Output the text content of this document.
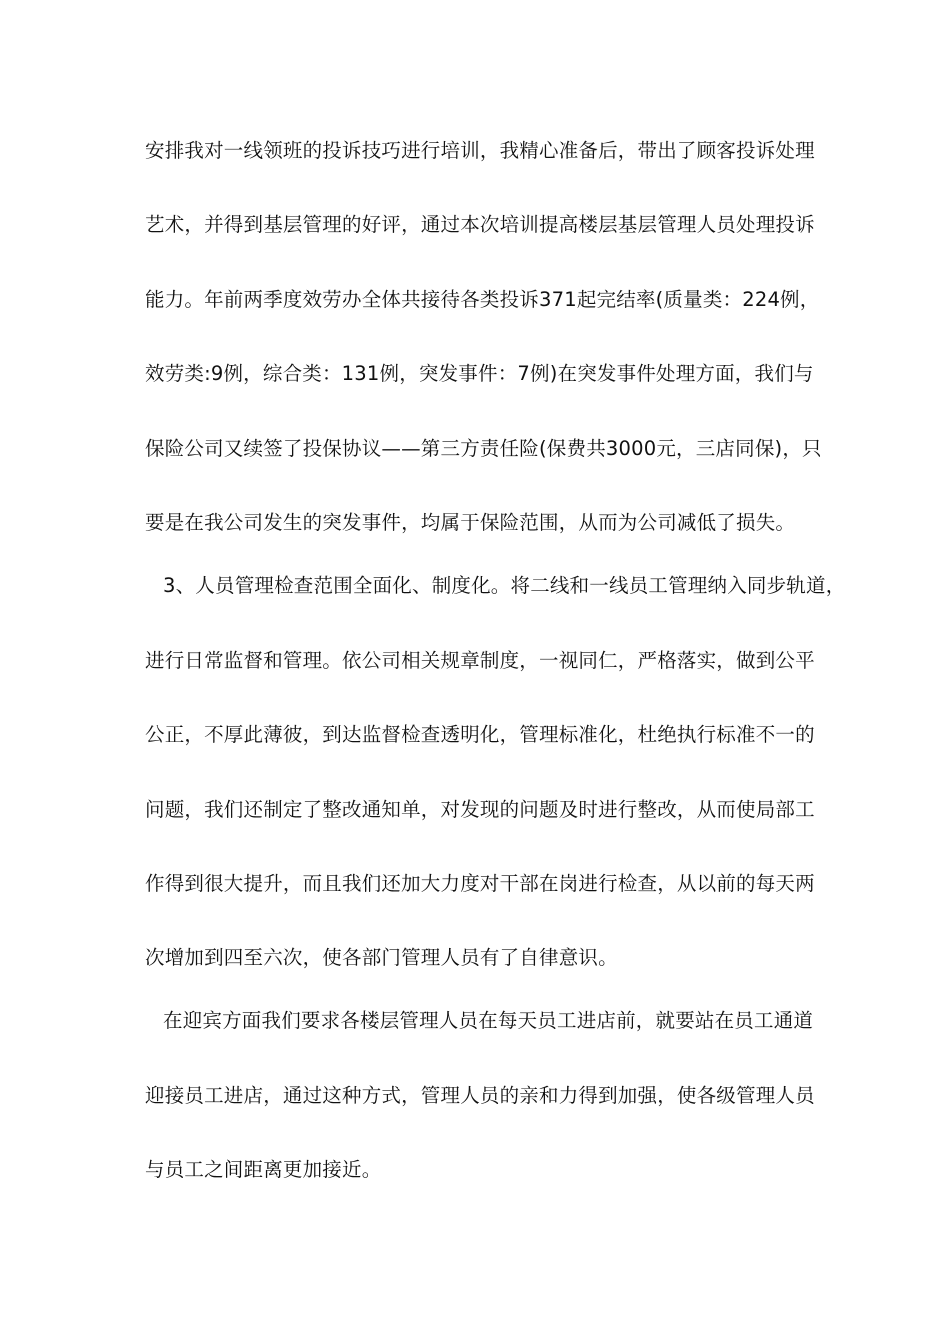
安排我对一线领班的投诉技巧进行培训，我精心准备后，带出了顾客投诉处理
艺术，并得到基层管理的好评，通过本次培训提高楼层基层管理人员处理投诉
能力。年前两季度效劳办全体共接待各类投诉371起完结率(质量类：224例，
效劳类:9例，综合类：131例，突发事件：7例)在突发事件处理方面，我们与
保险公司又续签了投保协议——第三方责任险(保费共3000元，三店同保)，只
要是在我公司发生的突发事件，均属于保险范围，从而为公司减低了损失。
3、人员管理检查范围全面化、制度化。将二线和一线员工管理纳入同步轨道，
进行日常监督和管理。依公司相关规章制度，一视同仁，严格落实，做到公平
公正，不厚此薄彼，到达监督检查透明化，管理标准化，杜绝执行标准不一的
问题，我们还制定了整改通知单，对发现的问题及时进行整改，从而使局部工
作得到很大提升，而且我们还加大力度对干部在岗进行检查，从以前的每天两
次增加到四至六次，使各部门管理人员有了自律意识。
在迎宾方面我们要求各楼层管理人员在每天员工进店前，就要站在员工通道
迎接员工进店，通过这种方式，管理人员的亲和力得到加强，使各级管理人员
与员工之间距离更加接近。
